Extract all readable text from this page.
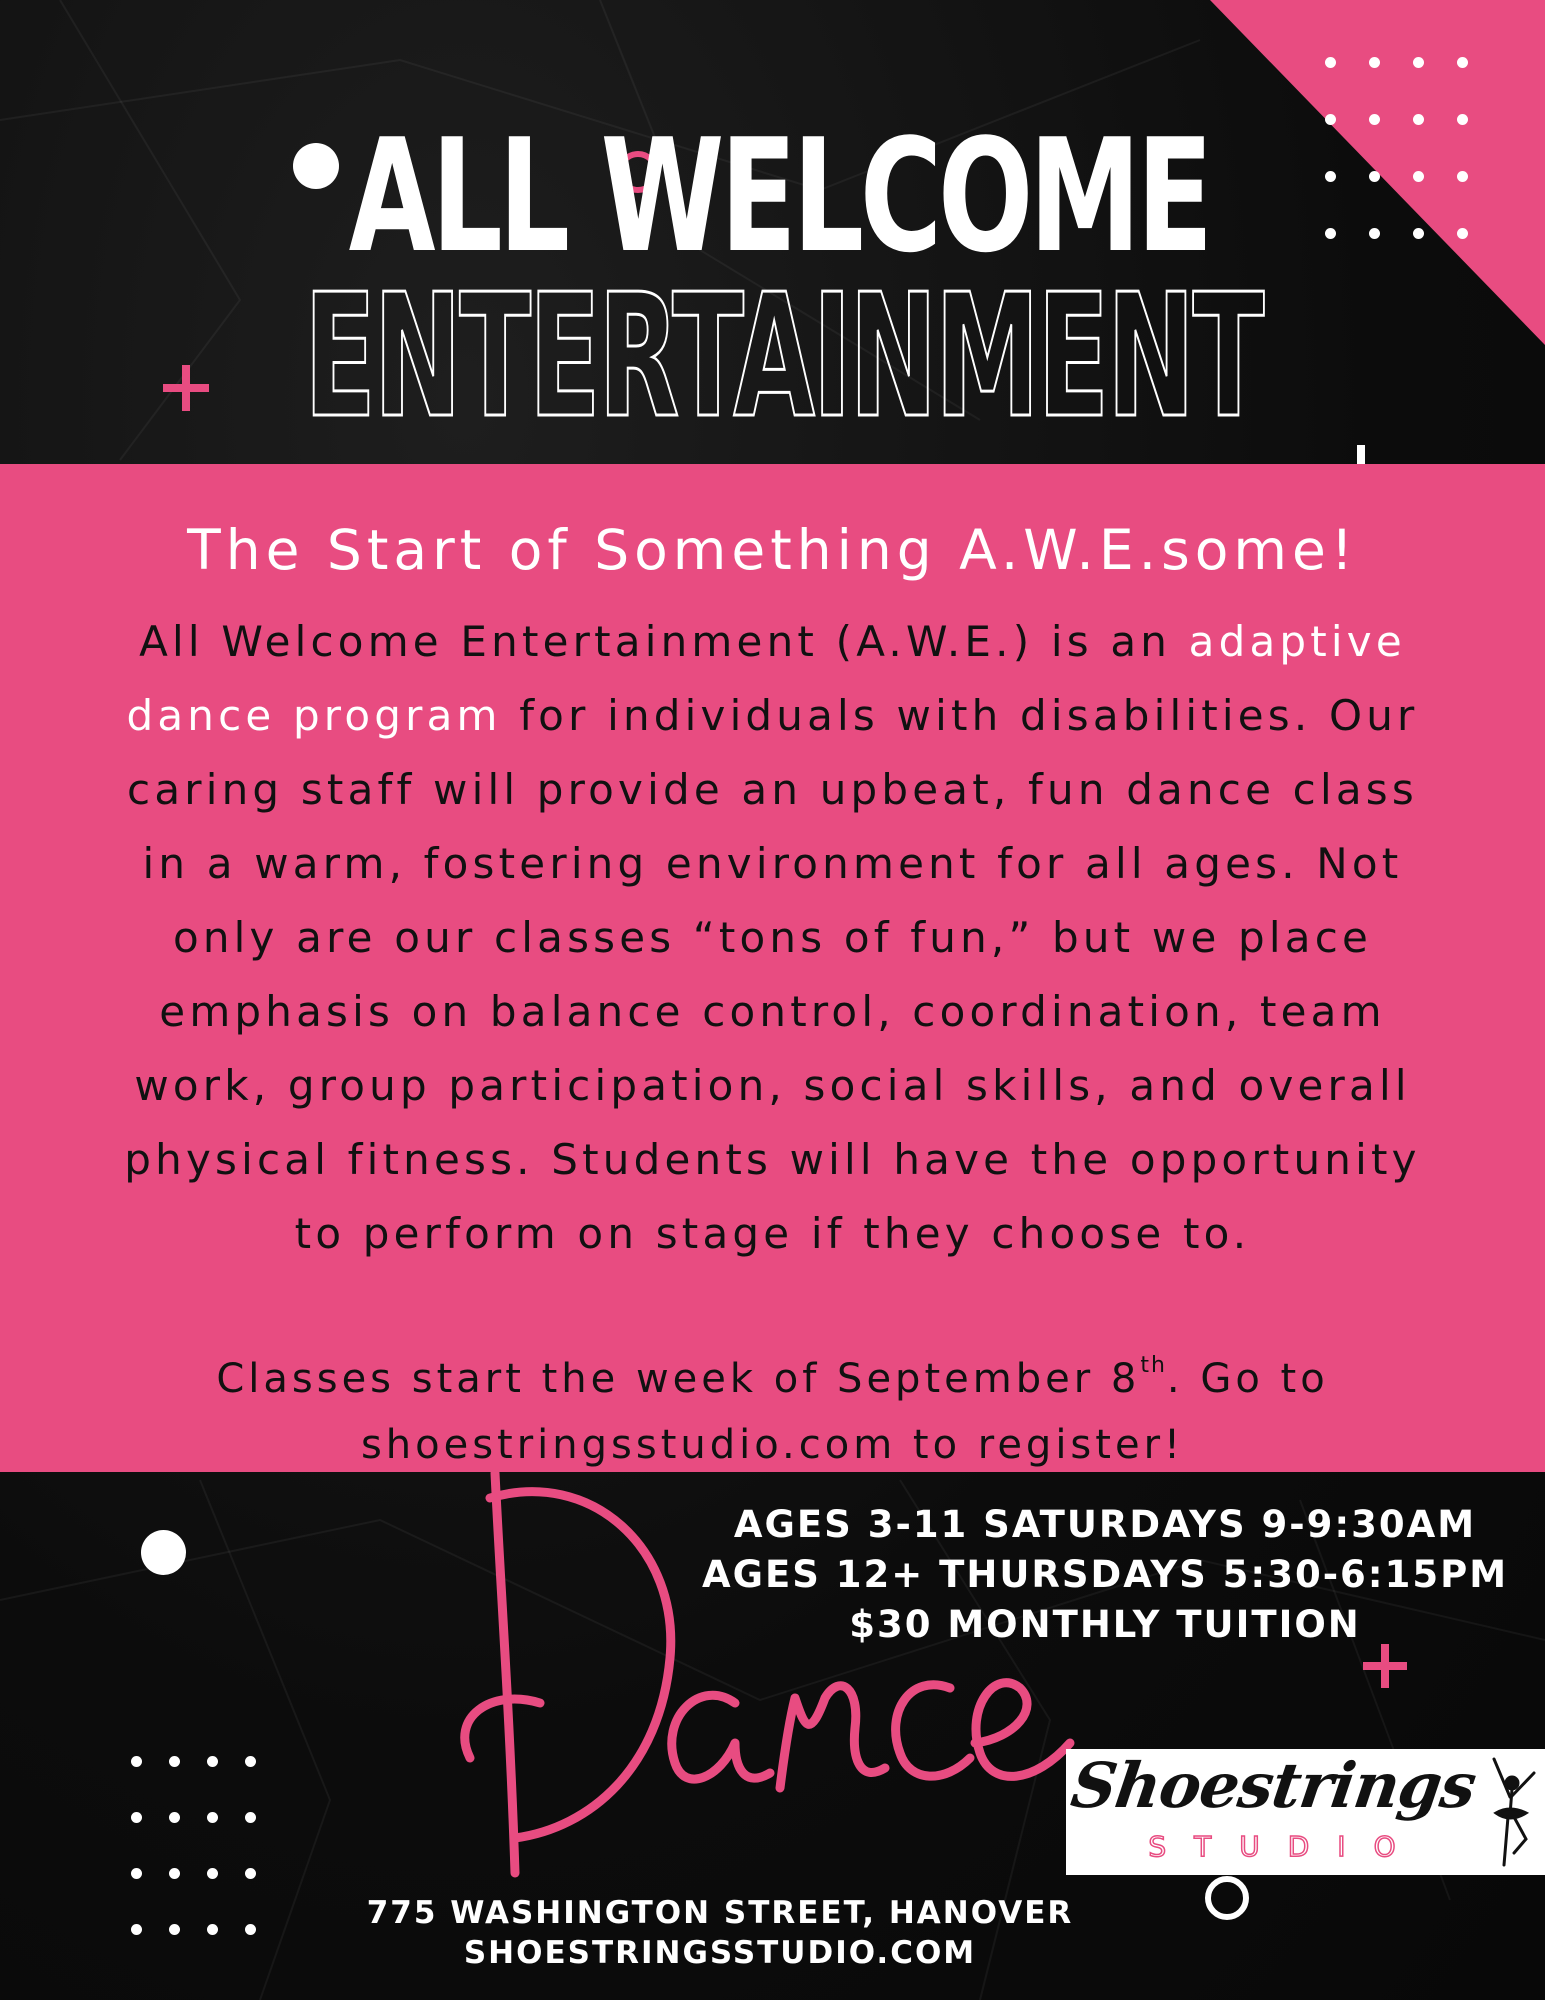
ALL WELCOME
ENTERTAINMENT
The Start of Something A.W.E.some!
All Welcome Entertainment (A.W.E.) is an adaptive
dance program for individuals with disabilities. Our
caring staff will provide an upbeat, fun dance class
in a warm, fostering environment for all ages. Not
only are our classes “tons of fun,” but we place
emphasis on balance control, coordination, team
work, group participation, social skills, and overall
physical fitness. Students will have the opportunity
to perform on stage if they choose to.
Classes start the week of September 8th. Go to
shoestringsstudio.com to register!
AGES 3-11 SATURDAYS 9-9:30AM
AGES 12+ THURSDAYS 5:30-6:15PM
$30 MONTHLY TUITION
Shoestrings
STUDIO
775 WASHINGTON STREET, HANOVER
SHOESTRINGSSTUDIO.COM
